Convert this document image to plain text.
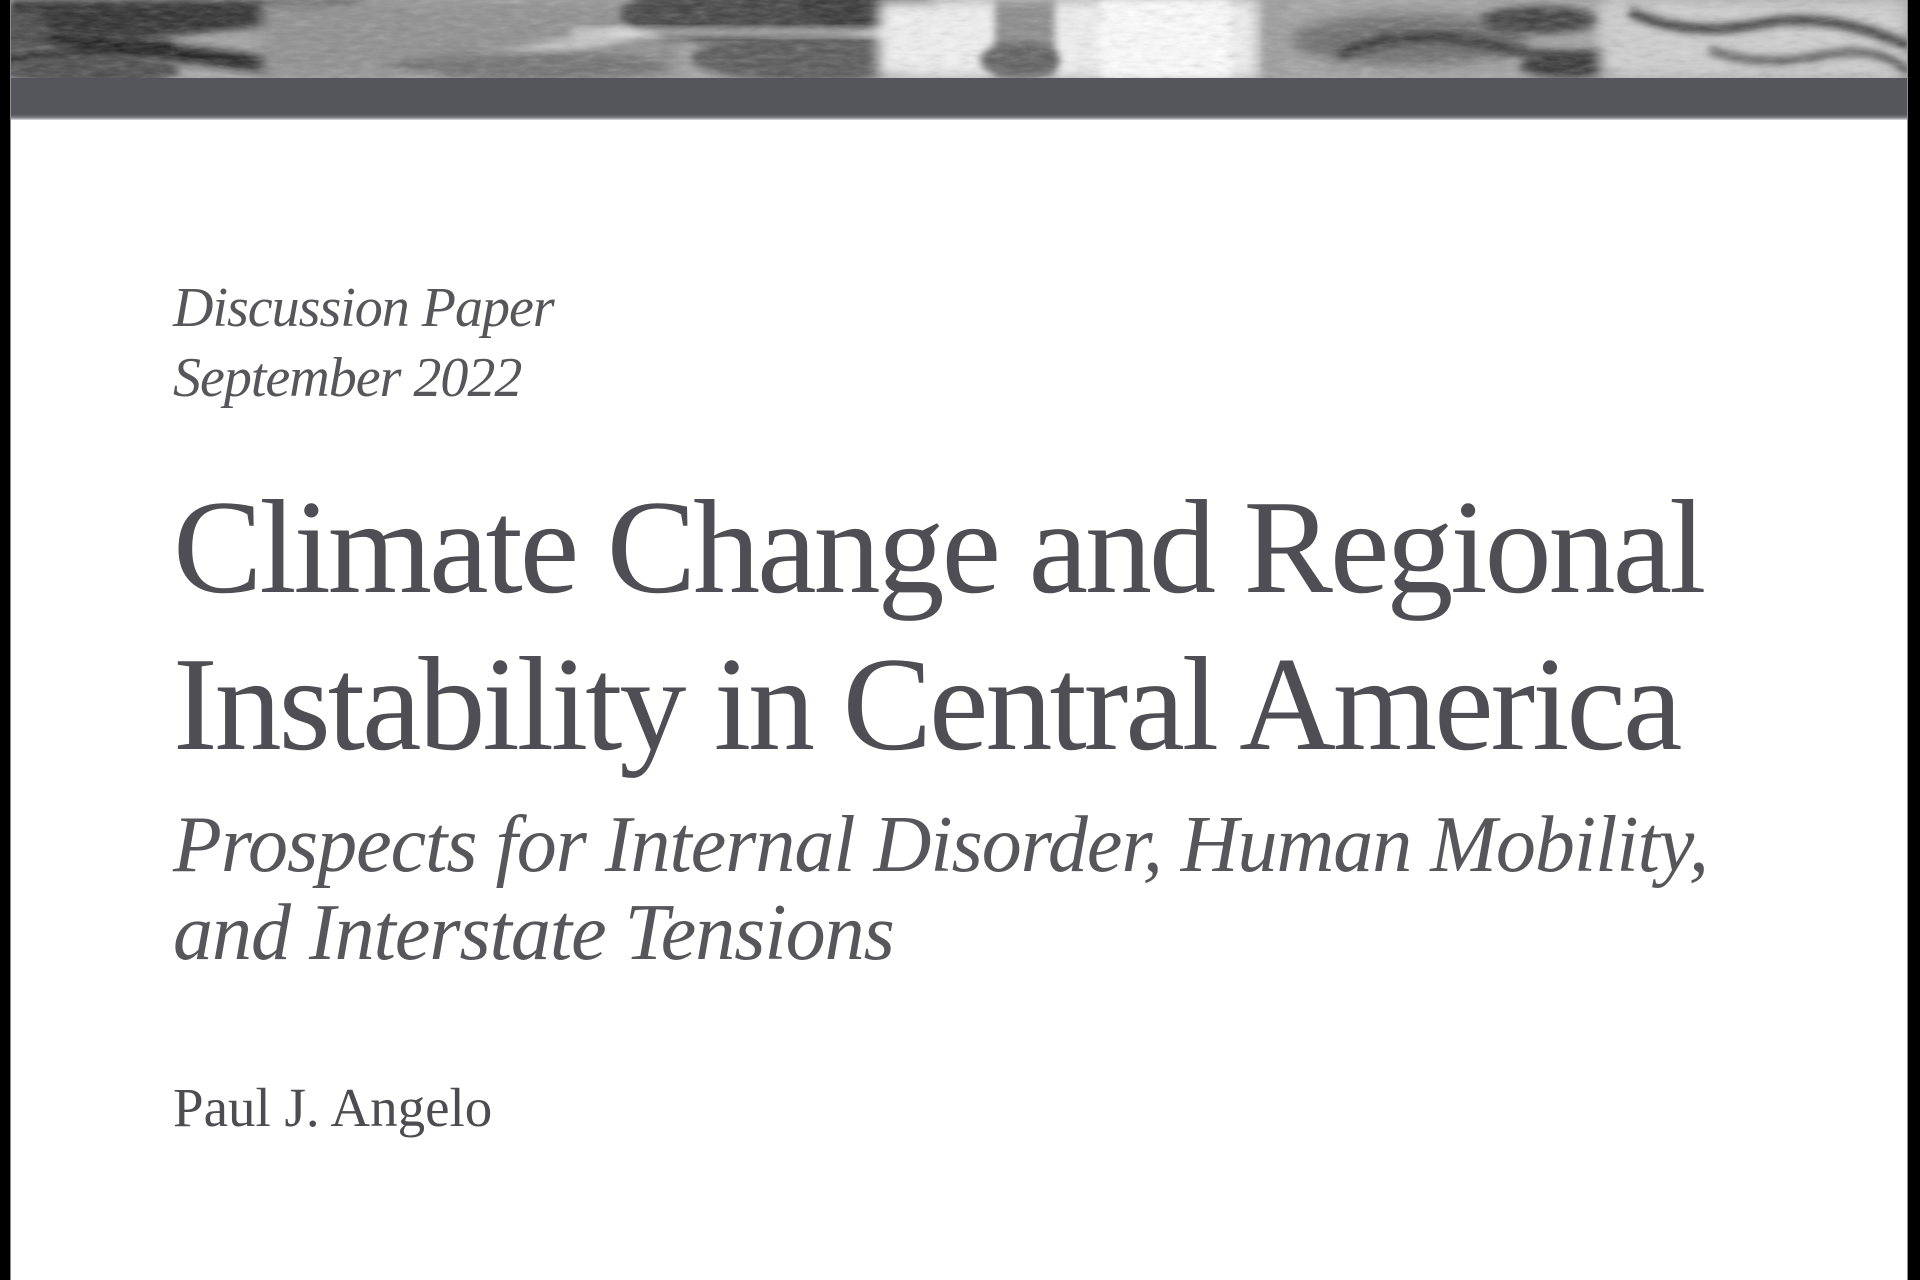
Discussion Paper
September 2022
Climate Change and Regional
Instability in Central America
Prospects for Internal Disorder, Human Mobility,
and Interstate Tensions
Paul J. Angelo
